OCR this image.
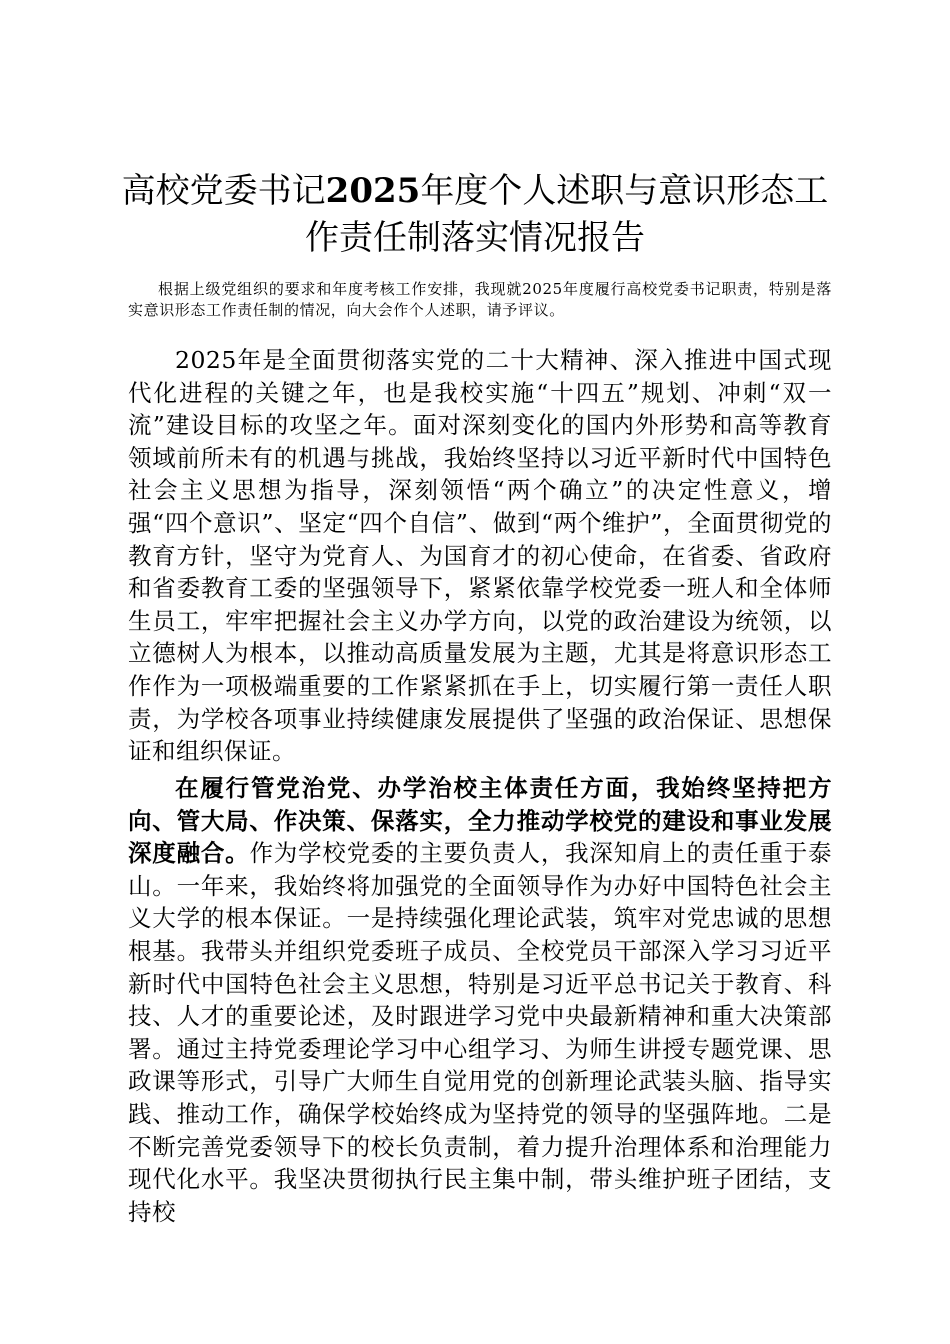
高校党委书记2025年度个人述职与意识形态工作责任制落实情况报告

根据上级党组织的要求和年度考核工作安排，我现就2025年度履行高校党委书记职责，特别是落实意识形态工作责任制的情况，向大会作个人述职，请予评议。

2025年是全面贯彻落实党的二十大精神、深入推进中国式现代化进程的关键之年，也是我校实施“十四五”规划、冲刺“双一流”建设目标的攻坚之年。面对深刻变化的国内外形势和高等教育领域前所未有的机遇与挑战，我始终坚持以习近平新时代中国特色社会主义思想为指导，深刻领悟“两个确立”的决定性意义，增强“四个意识”、坚定“四个自信”、做到“两个维护”，全面贯彻党的教育方针，坚守为党育人、为国育才的初心使命，在省委、省政府和省委教育工委的坚强领导下，紧紧依靠学校党委一班人和全体师生员工，牢牢把握社会主义办学方向，以党的政治建设为统领，以立德树人为根本，以推动高质量发展为主题，尤其是将意识形态工作作为一项极端重要的工作紧紧抓在手上，切实履行第一责任人职责，为学校各项事业持续健康发展提供了坚强的政治保证、思想保证和组织保证。

在履行管党治党、办学治校主体责任方面，我始终坚持把方向、管大局、作决策、保落实，全力推动学校党的建设和事业发展深度融合。作为学校党委的主要负责人，我深知肩上的责任重于泰山。一年来，我始终将加强党的全面领导作为办好中国特色社会主义大学的根本保证。一是持续强化理论武装，筑牢对党忠诚的思想根基。我带头并组织党委班子成员、全校党员干部深入学习习近平新时代中国特色社会主义思想，特别是习近平总书记关于教育、科技、人才的重要论述，及时跟进学习党中央最新精神和重大决策部署。通过主持党委理论学习中心组学习、为师生讲授专题党课、思政课等形式，引导广大师生自觉用党的创新理论武装头脑、指导实践、推动工作，确保学校始终成为坚持党的领导的坚强阵地。二是不断完善党委领导下的校长负责制，着力提升治理体系和治理能力现代化水平。我坚决贯彻执行民主集中制，带头维护班子团结，支持校
